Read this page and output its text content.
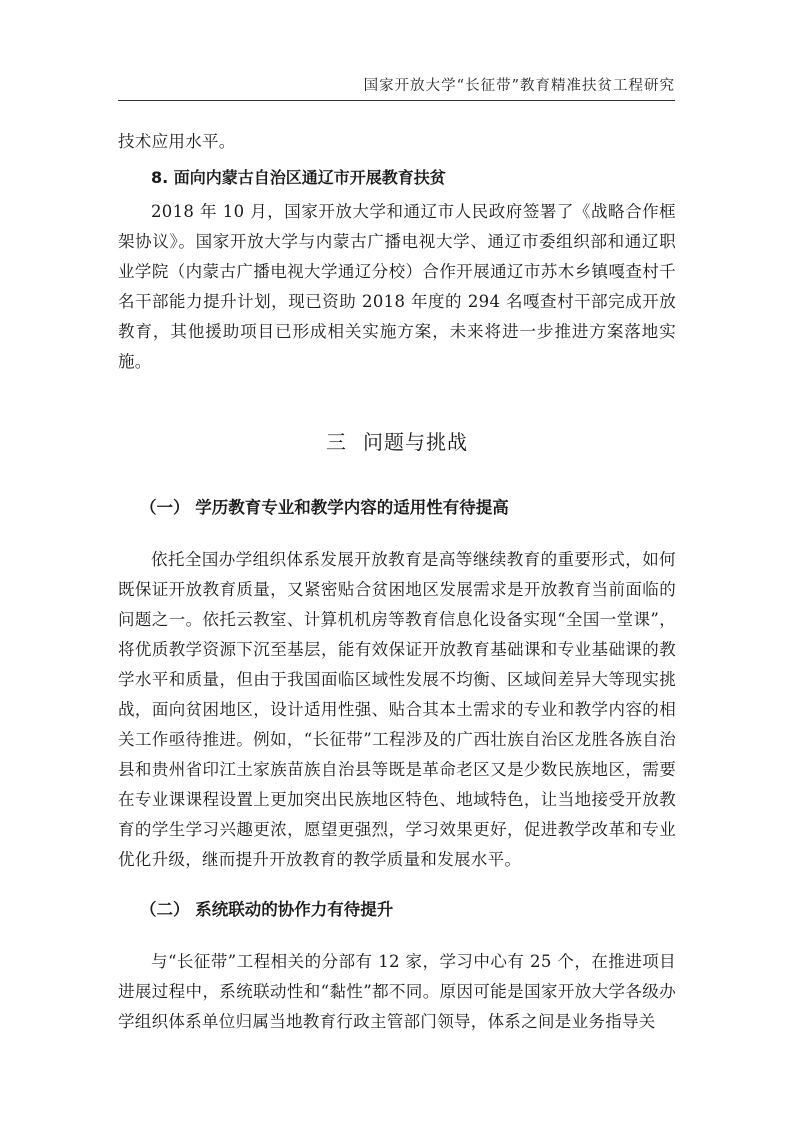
国家开放大学“长征带”教育精准扶贫工程研究

技术应用水平。

8. 面向内蒙古自治区通辽市开展教育扶贫

2018 年 10 月，国家开放大学和通辽市人民政府签署了《战略合作框架协议》。国家开放大学与内蒙古广播电视大学、通辽市委组织部和通辽职业学院（内蒙古广播电视大学通辽分校）合作开展通辽市苏木乡镇嘎查村千名干部能力提升计划，现已资助 2018 年度的 294 名嘎查村干部完成开放教育，其他援助项目已形成相关实施方案，未来将进一步推进方案落地实施。

三 问题与挑战
（一） 学历教育专业和教学内容的适用性有待提高

依托全国办学组织体系发展开放教育是高等继续教育的重要形式，如何既保证开放教育质量，又紧密贴合贫困地区发展需求是开放教育当前面临的问题之一。依托云教室、计算机机房等教育信息化设备实现“全国一堂课”，将优质教学资源下沉至基层，能有效保证开放教育基础课和专业基础课的教学水平和质量，但由于我国面临区域性发展不均衡、区域间差异大等现实挑战，面向贫困地区，设计适用性强、贴合其本土需求的专业和教学内容的相关工作亟待推进。例如，“长征带”工程涉及的广西壮族自治区龙胜各族自治县和贵州省印江土家族苗族自治县等既是革命老区又是少数民族地区，需要在专业课课程设置上更加突出民族地区特色、地域特色，让当地接受开放教育的学生学习兴趣更浓，愿望更强烈，学习效果更好，促进教学改革和专业优化升级，继而提升开放教育的教学质量和发展水平。

（二） 系统联动的协作力有待提升

与“长征带”工程相关的分部有 12 家，学习中心有 25 个，在推进项目进展过程中，系统联动性和“黏性”都不同。原因可能是国家开放大学各级办学组织体系单位归属当地教育行政主管部门领导，体系之间是业务指导关
